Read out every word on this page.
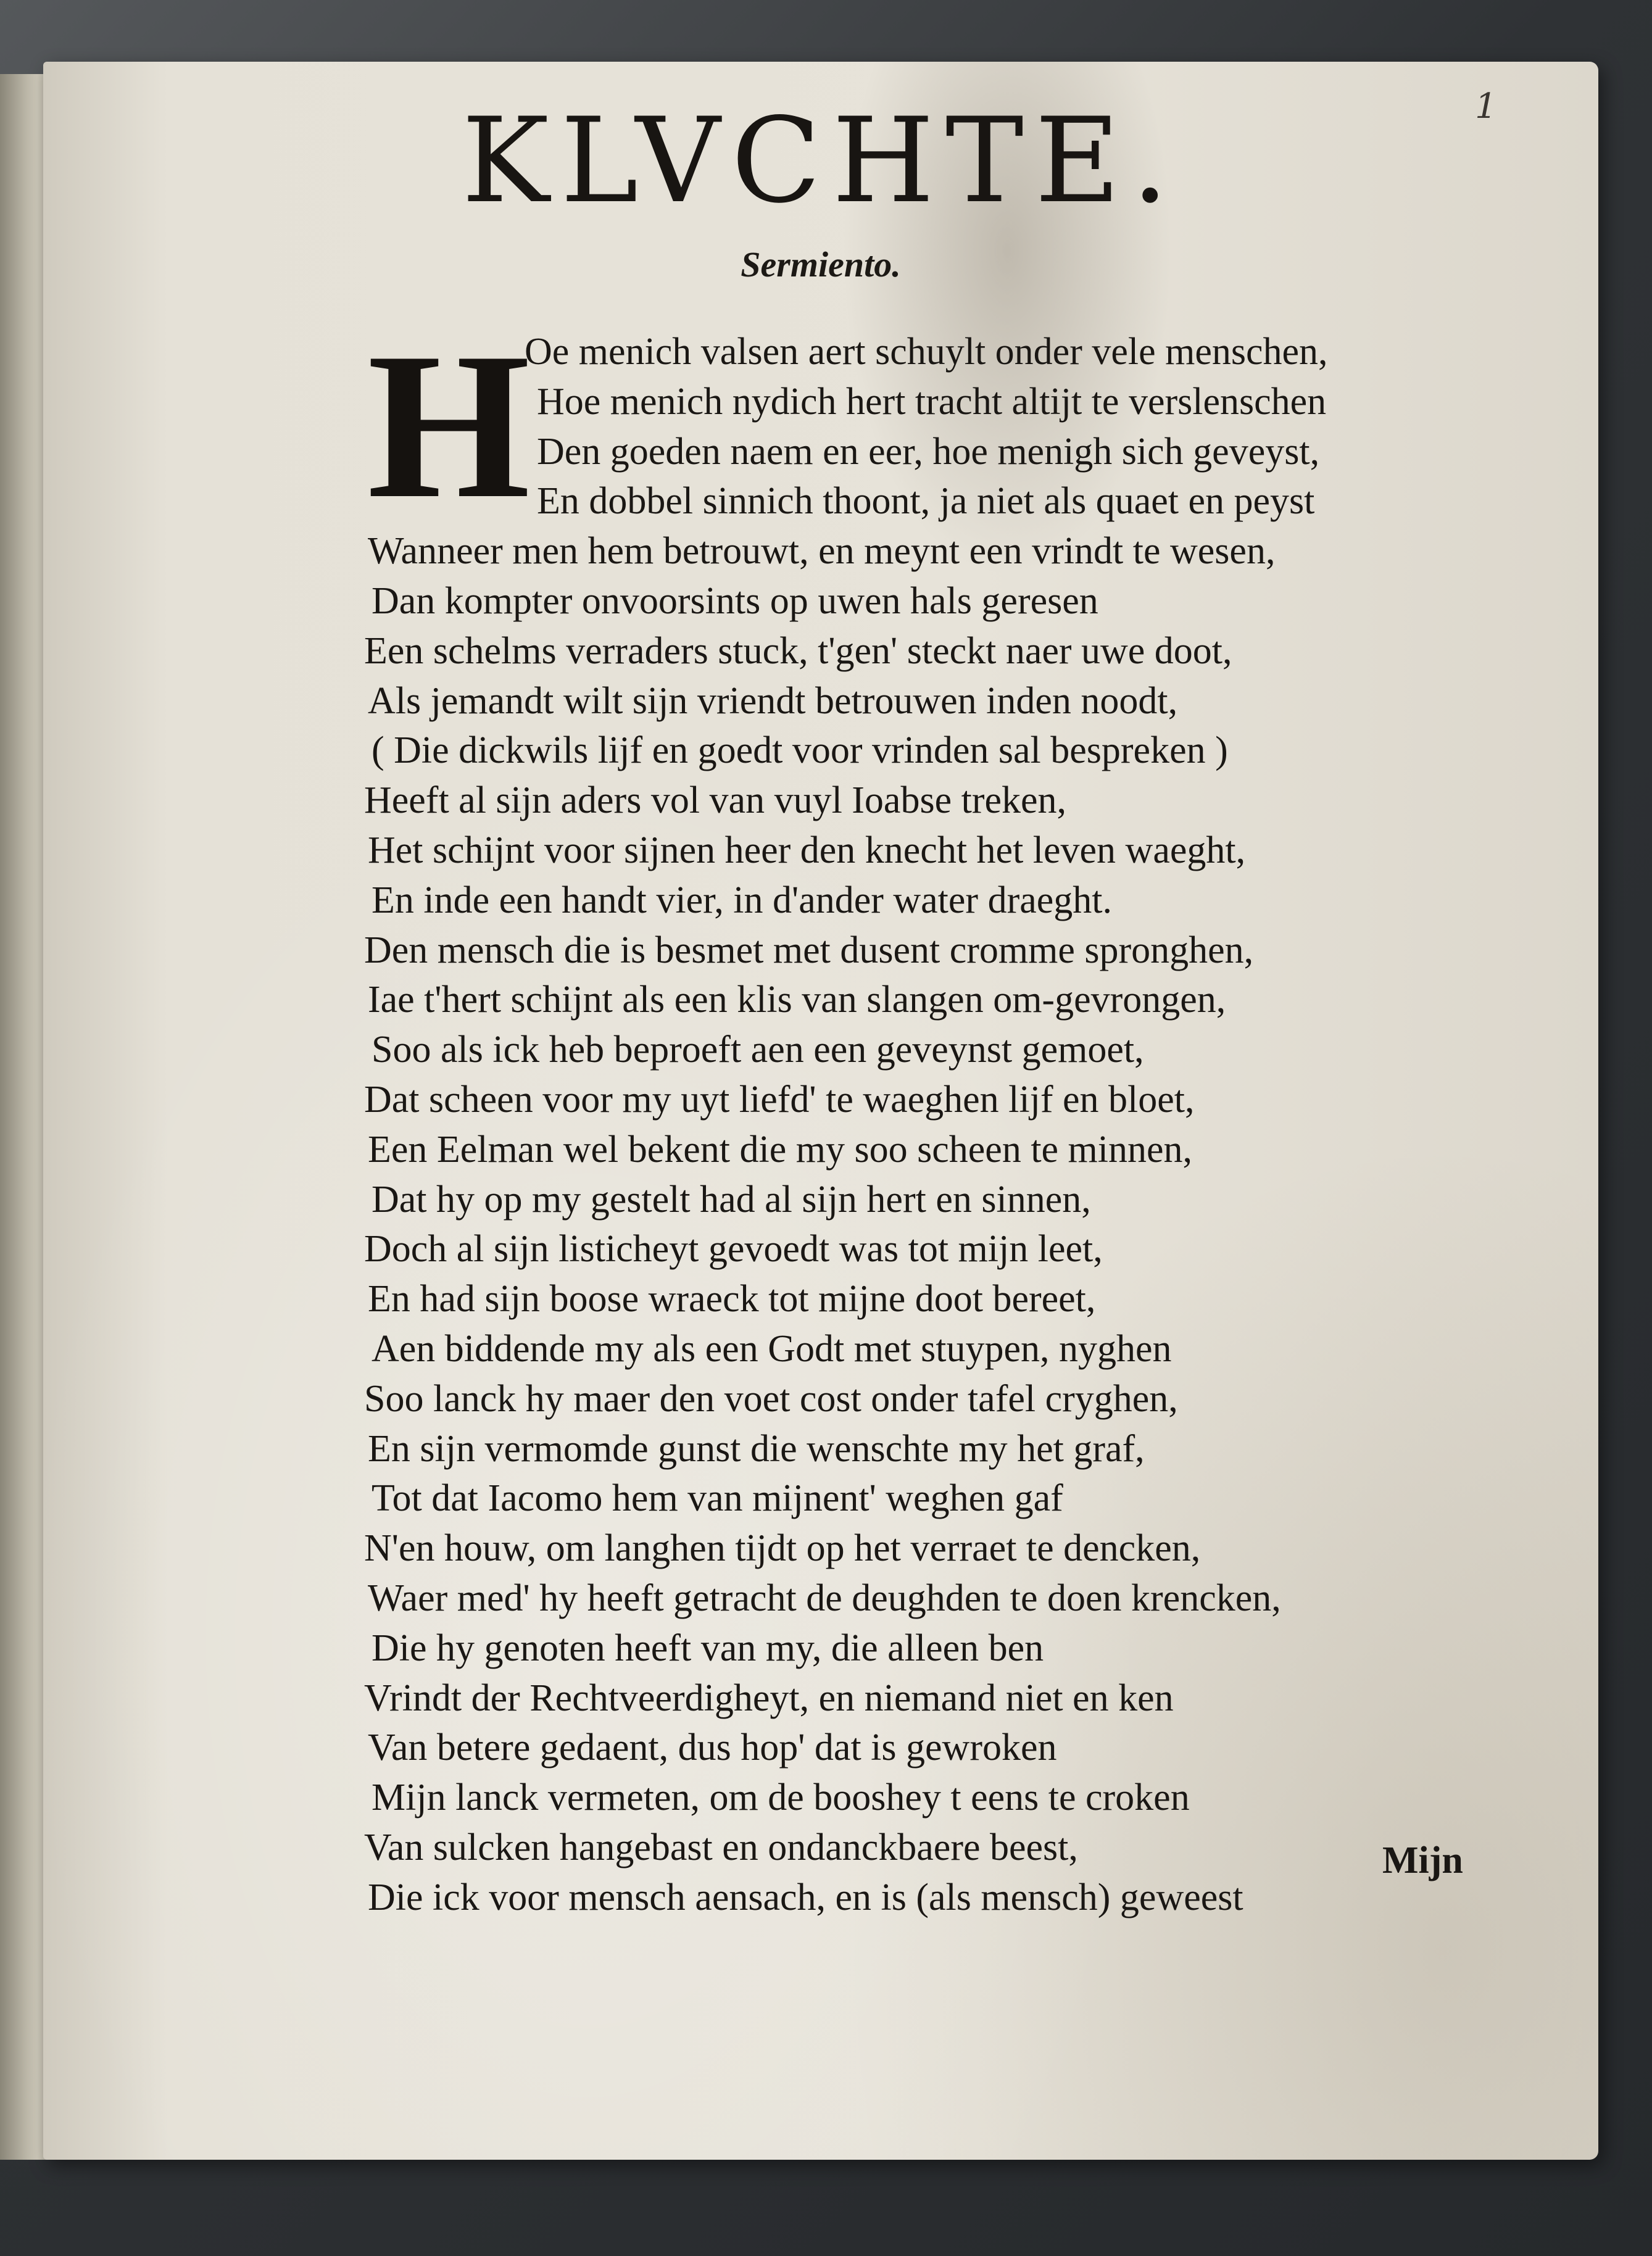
1
KLVCHTE.
Sermiento.
H
Oe menich valsen aert schuylt onder vele menschen,
Hoe menich nydich hert tracht altijt te verslenschen
Den goeden naem en eer, hoe menigh sich geveyst,
En dobbel sinnich thoont, ja niet als quaet en peyst
Wanneer men hem betrouwt, en meynt een vrindt te wesen,
Dan kompter onvoorsints op uwen hals geresen
Een schelms verraders stuck, t'gen' steckt naer uwe doot,
Als jemandt wilt sijn vriendt betrouwen inden noodt,
( Die dickwils lijf en goedt voor vrinden sal bespreken )
Heeft al sijn aders vol van vuyl Ioabse treken,
Het schijnt voor sijnen heer den knecht het leven waeght,
En inde een handt vier, in d'ander water draeght.
Den mensch die is besmet met dusent cromme spronghen,
Iae t'hert schijnt als een klis van slangen om-gevrongen,
Soo als ick heb beproeft aen een geveynst gemoet,
Dat scheen voor my uyt liefd' te waeghen lijf en bloet,
Een Eelman wel bekent die my soo scheen te minnen,
Dat hy op my gestelt had al sijn hert en sinnen,
Doch al sijn listicheyt gevoedt was tot mijn leet,
En had sijn boose wraeck tot mijne doot bereet,
Aen biddende my als een Godt met stuypen, nyghen
Soo lanck hy maer den voet cost onder tafel cryghen,
En sijn vermomde gunst die wenschte my het graf,
Tot dat Iacomo hem van mijnent' weghen gaf
N'en houw, om langhen tijdt op het verraet te dencken,
Waer med' hy heeft getracht de deughden te doen krencken,
Die hy genoten heeft van my, die alleen ben
Vrindt der Rechtveerdigheyt, en niemand niet en ken
Van betere gedaent, dus hop' dat is gewroken
Mijn lanck vermeten, om de booshey t eens te croken
Van sulcken hangebast en ondanckbaere beest,
Die ick voor mensch aensach, en is (als mensch) geweest
Mijn
